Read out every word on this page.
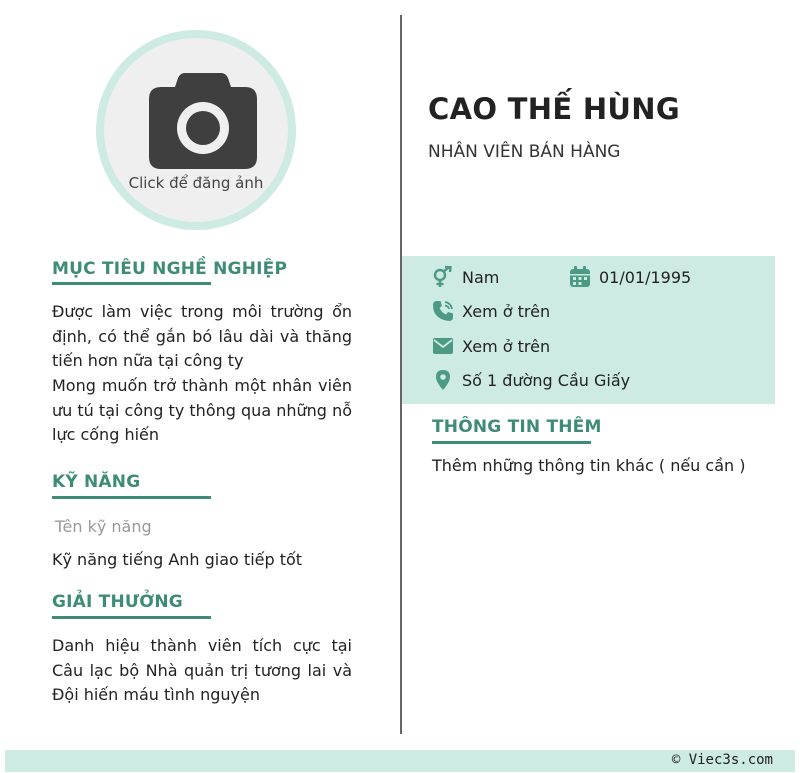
Click để đăng ảnh
MỤC TIÊU NGHỀ NGHIỆP
Được làm việc trong môi trường ổn định, có thể gắn bó lâu dài và thăng tiến hơn nữa tại công ty
Mong muốn trở thành một nhân viên ưu tú tại công ty thông qua những nỗ lực cống hiến
KỸ NĂNG
Tên kỹ năng
Kỹ năng tiếng Anh giao tiếp tốt
GIẢI THƯỞNG
Danh hiệu thành viên tích cực tại Câu lạc bộ Nhà quản trị tương lai và Đội hiến máu tình nguyện
CAO THẾ HÙNG
NHÂN VIÊN BÁN HÀNG
Nam	01/01/1995
Xem ở trên
Xem ở trên
Số 1 đường Cầu Giấy
THÔNG TIN THÊM
Thêm những thông tin khác ( nếu cần )
© Viec3s.com
